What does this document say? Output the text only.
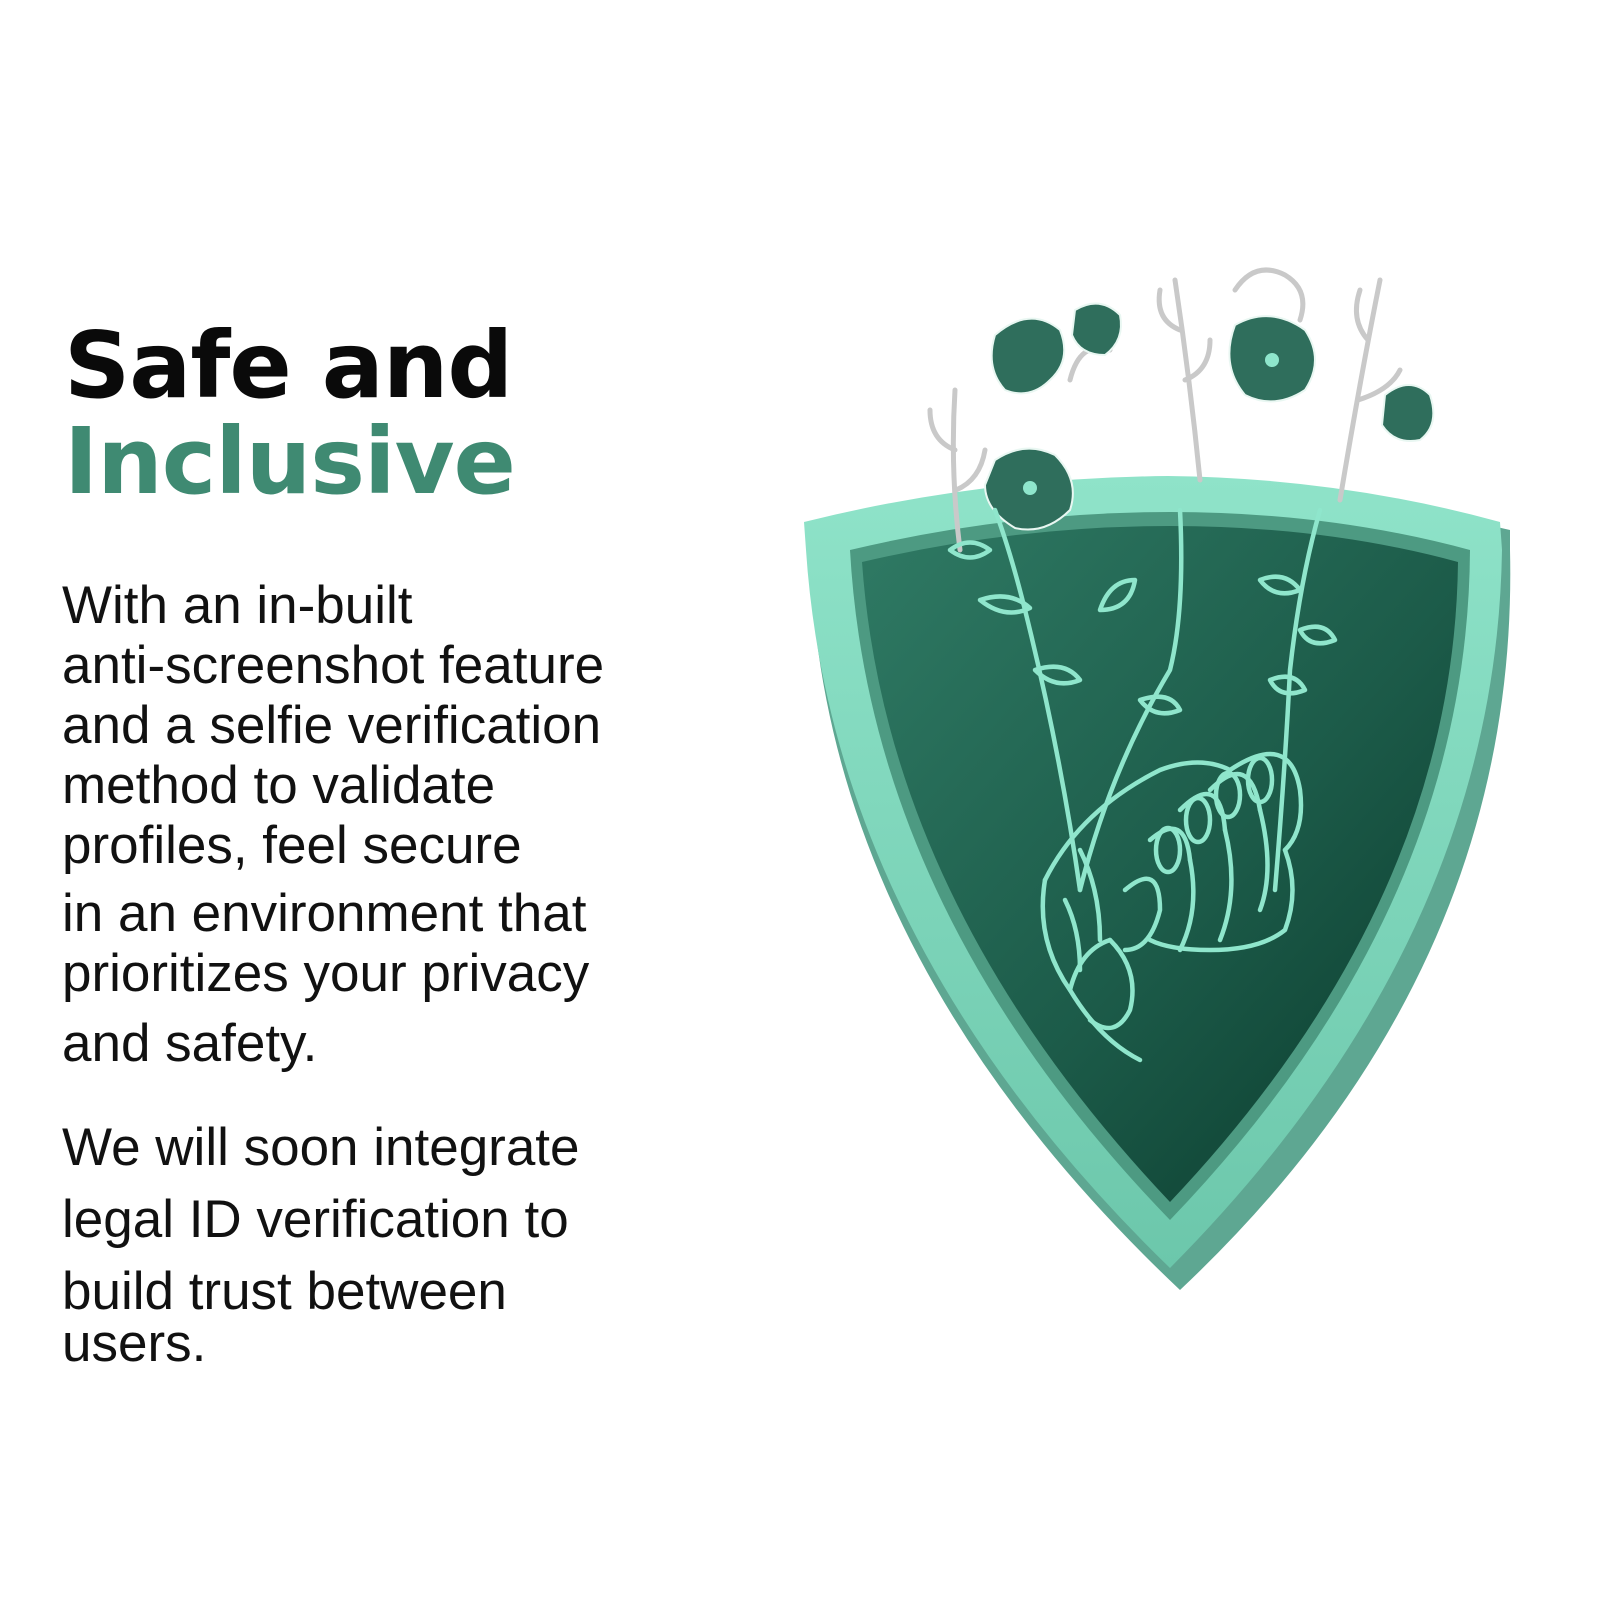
Safe and
Inclusive

With an in-built
anti-screenshot feature
and a selfie verification
method to validate
profiles, feel secure
in an environment that
prioritizes your privacy
and safety.

We will soon integrate
legal ID verification to
build trust between
users.
